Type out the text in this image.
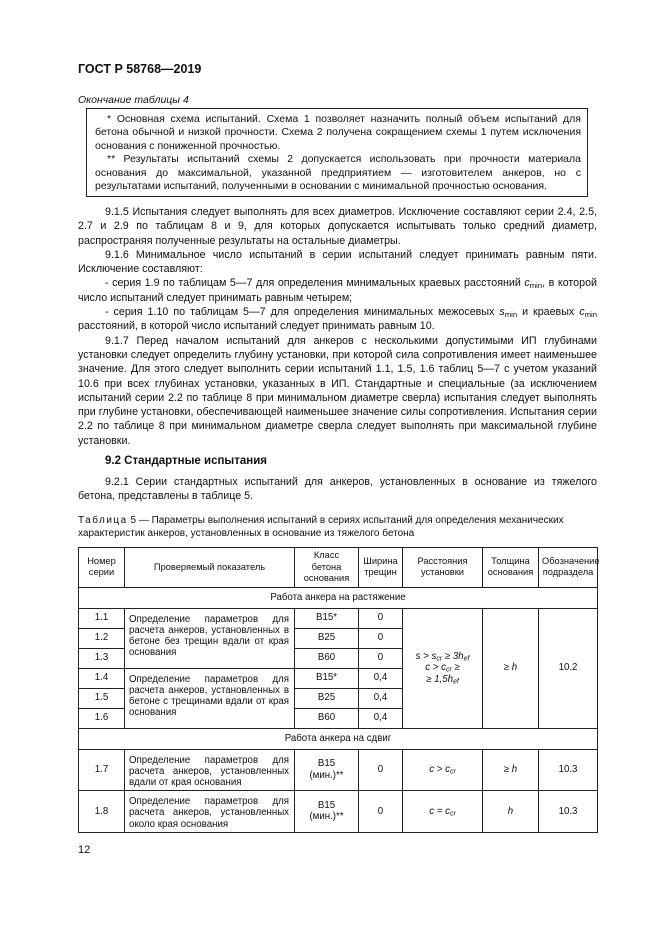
ГОСТ Р 58768—2019
Окончание таблицы 4

* Основная схема испытаний. Схема 1 позволяет назначить полный объем испытаний для бетона обычной и низкой прочности. Схема 2 получена сокращением схемы 1 путем исключения основания с пониженной прочностью.

** Результаты испытаний схемы 2 допускается использовать при прочности материала основания до максимальной, указанной предприятием — изготовителем анкеров, но с результатами испытаний, полученными в основании с минимальной прочностью основания.

9.1.5 Испытания следует выполнять для всех диаметров. Исключение составляют серии 2.4, 2.5, 2.7 и 2.9 по таблицам 8 и 9, для которых допускается испытывать только средний диаметр, распространяя полученные результаты на остальные диаметры.

9.1.6 Минимальное число испытаний в серии испытаний следует принимать равным пяти. Исключение составляют:

- серия 1.9 по таблицам 5—7 для определения минимальных краевых расстояний $c_{min}$, в которой число испытаний следует принимать равным четырем;

- серия 1.10 по таблицам 5—7 для определения минимальных межосевых $s_{min}$ и краевых $c_{min}$ расстояний, в которой число испытаний следует принимать равным 10.

9.1.7 Перед началом испытаний для анкеров с несколькими допустимыми ИП глубинами установки следует определить глубину установки, при которой сила сопротивления имеет наименьшее значение. Для этого следует выполнить серии испытаний 1.1, 1.5, 1.6 таблиц 5—7 с учетом указаний 10.6 при всех глубинах установки, указанных в ИП. Стандартные и специальные (за исключением испытаний серии 2.2 по таблице 8 при минимальном диаметре сверла) испытания следует выполнять при глубине установки, обеспечивающей наименьшее значение силы сопротивления. Испытания серии 2.2 по таблице 8 при минимальном диаметре сверла следует выполнять при максимальной глубине установки.

9.2 Стандартные испытания

9.2.1 Серии стандартных испытаний для анкеров, установленных в основание из тяжелого бетона, представлены в таблице 5.

Таблица 5 — Параметры выполнения испытаний в сериях испытаний для определения механических характеристик анкеров, установленных в основание из тяжелого бетона
Номер серии	Проверяемый показатель	Класс бетона основания	Ширина трещин	Расстояния установки	Толщина основания	Обозначение подраздела
Работа анкера на растяжение						
1.1	Определение параметров для расчета анкеров, установленных в бетоне без трещин вдали от края основания	B15*	0	$s > s_{cr} \ge 3h_{ef}$
$c > c_{cr}$ ≥
≥ $1,5h_{ef}$	≥ h	10.2
1.2		B25	0			
1.3		B60	0			
1.4	Определение параметров для расчета анкеров, установленных в бетоне с трещинами вдали от края основания	B15*	0,4			
1.5		B25	0,4			
1.6		B60	0,4			
Работа анкера на сдвиг						
1.7	Определение параметров для расчета анкеров, установленных вдали от края основания	B15
(мин.)**	0	$c > c_{cr}$	≥ h	10.3
1.8	Определение параметров для расчета анкеров, установленных около края основания	B15
(мин.)**	0	$c = c_{cr}$	h	10.3
12
